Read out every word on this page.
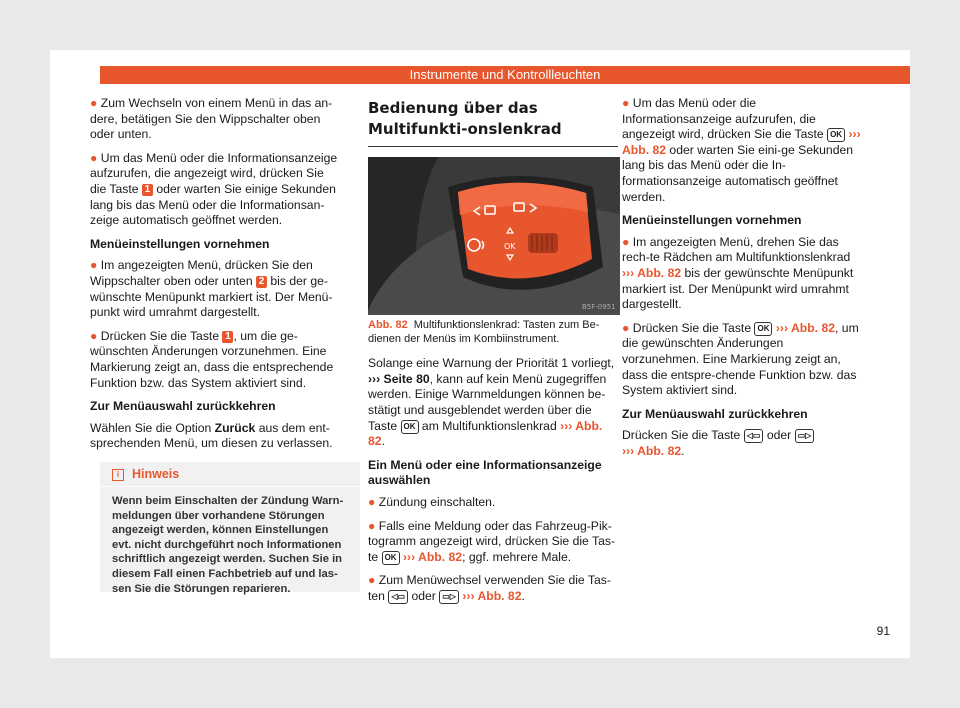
Instrumente und Kontrollleuchten
● Zum Wechseln von einem Menü in das an-dere, betätigen Sie den Wippschalter oben oder unten.
● Um das Menü oder die Informationsanzeige aufzurufen, die angezeigt wird, drücken Sie die Taste 1 oder warten Sie einige Sekunden lang bis das Menü oder die Informationsan-zeige automatisch geöffnet werden.
Menüeinstellungen vornehmen
● Im angezeigten Menü, drücken Sie den Wippschalter oben oder unten 2 bis der ge-wünschte Menüpunkt markiert ist. Der Menü-punkt wird umrahmt dargestellt.
● Drücken Sie die Taste 1 , um die ge-wünschten Änderungen vorzunehmen. Eine Markierung zeigt an, dass die entsprechende Funktion bzw. das System aktiviert sind.
Zur Menüauswahl zurückkehren

Wählen Sie die Option Zurück aus dem ent-sprechenden Menü, um diesen zu verlassen.

i Hinweis
Wenn beim Einschalten der Zündung Warn-meldungen über vorhandene Störungen angezeigt werden, können Einstellungen evt. nicht durchgeführt noch Informationen schriftlich angezeigt werden. Suchen Sie in diesem Fall einen Fachbetrieb auf und las-sen Sie die Störungen reparieren.
Bedienung über das Multifunkti-onslenkrad
OK
B5F-0951
Abb. 82 Multifunktionslenkrad: Tasten zum Be-dienen der Menüs im Kombiinstrument.

Solange eine Warnung der Priorität 1 vorliegt, ››› Seite 80, kann auf kein Menü zugegriffen werden. Einige Warnmeldungen können be-stätigt und ausgeblendet werden über die Taste OK am Multifunktionslenkrad ››› Abb. 82.

Ein Menü oder eine Informationsanzeige auswählen
● Zündung einschalten.
● Falls eine Meldung oder das Fahrzeug-Pik-togramm angezeigt wird, drücken Sie die Tas-te OK ››› Abb. 82; ggf. mehrere Male.
● Zum Menüwechsel verwenden Sie die Tas-ten ◁▭ oder ▭▷ ››› Abb. 82.
● Um das Menü oder die Informationsanzeige aufzurufen, die angezeigt wird, drücken Sie die Taste OK ››› Abb. 82 oder warten Sie eini-ge Sekunden lang bis das Menü oder die In-formationsanzeige automatisch geöffnet werden.
Menüeinstellungen vornehmen
● Im angezeigten Menü, drehen Sie das rech-te Rädchen am Multifunktionslenkrad ››› Abb. 82 bis der gewünschte Menüpunkt markiert ist. Der Menüpunkt wird umrahmt dargestellt.
● Drücken Sie die Taste OK ››› Abb. 82, um die gewünschten Änderungen vorzunehmen. Eine Markierung zeigt an, dass die entspre-chende Funktion bzw. das System aktiviert sind.
Zur Menüauswahl zurückkehren

Drücken Sie die Taste ◁▭ oder ▭▷
››› Abb. 82.

91
